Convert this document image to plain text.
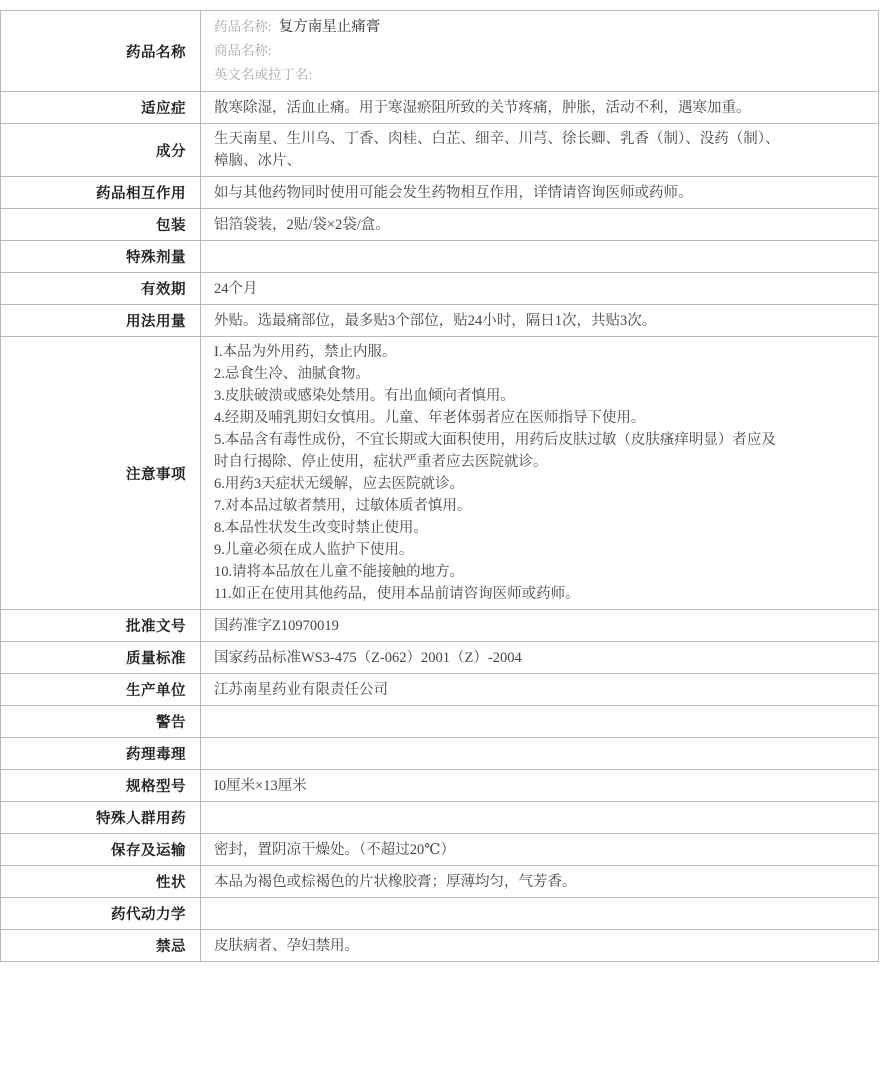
药品名称	药品名称: 复方南星止痛膏
商品名称:
英文名或拉丁名:

适应症	散寒除湿，活血止痛。用于寒湿瘀阻所致的关节疼痛，肿胀，活动不利，遇寒加重。

成分	生天南星、生川乌、丁香、肉桂、白芷、细辛、川芎、徐长卿、乳香（制）、没药（制）、
樟脑、冰片、

药品相互作用	如与其他药物同时使用可能会发生药物相互作用，详情请咨询医师或药师。

包装	铝箔袋装，2贴/袋×2袋/盒。

特殊剂量	
有效期	24个月

用法用量	外贴。选最痛部位，最多贴3个部位，贴24小时，隔日1次，共贴3次。

注意事项	
I.本品为外用药，禁止内服。
2.忌食生冷、油腻食物。
3.皮肤破溃或感染处禁用。有出血倾向者慎用。
4.经期及哺乳期妇女慎用。儿童、年老体弱者应在医师指导下使用。
5.本品含有毒性成份，不宜长期或大面积使用，用药后皮肤过敏（皮肤瘙痒明显）者应及
时自行揭除、停止使用，症状严重者应去医院就诊。
6.用药3天症状无缓解，应去医院就诊。
7.对本品过敏者禁用，过敏体质者慎用。
8.本品性状发生改变时禁止使用。
9.儿童必须在成人监护下使用。
10.请将本品放在儿童不能接触的地方。
11.如正在使用其他药品，使用本品前请咨询医师或药师。

批准文号	国药准字Z10970019

质量标准	国家药品标准WS3-475（Z-062）2001（Z）-2004

生产单位	江苏南星药业有限责任公司

警告	
药理毒理	
规格型号	I0厘米×13厘米

特殊人群用药	
保存及运输	密封，置阴凉干燥处。（不超过20℃）

性状	本品为褐色或棕褐色的片状橡胶膏；厚薄均匀，气芳香。

药代动力学	
禁忌	皮肤病者、孕妇禁用。
